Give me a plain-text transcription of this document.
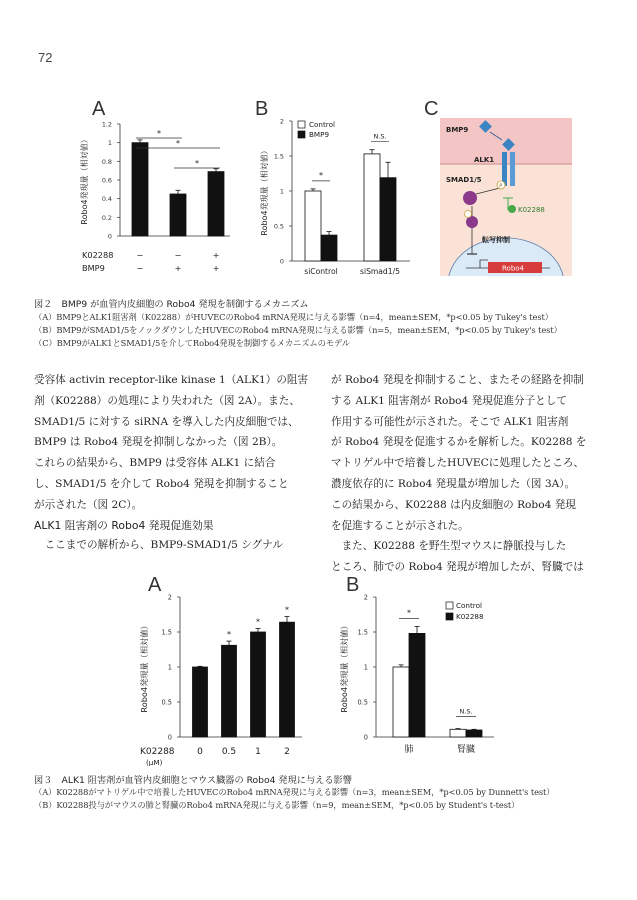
72
A	B	C
0
0.2
0.4
0.6
0.8
1
1.2
Robo4発現量（相対値）
*
*
*
K02288	−	−	+
BMP9	−	+	+
0
0.5
1
1.5
2
Robo4発現量（相対値）
siControl
*
siSmad1/5
N.S.
Control
BMP9	BMP9
ALK1
SMAD1/5
P
K02288
転写抑制
Robo4
図２　BMP9 が血管内皮細胞の Robo4 発現を制御するメカニズム
（A）BMP9とALK1阻害剤（K02288）がHUVECのRobo4 mRNA発現に与える影響（n=4，mean±SEM，*p<0.05 by Tukey's test）
（B）BMP9がSMAD1/5をノックダウンしたHUVECのRobo4 mRNA発現に与える影響（n=5，mean±SEM，*p<0.05 by Tukey's test）
（C）BMP9がALK1とSMAD1/5を介してRobo4発現を制御するメカニズムのモデル

受容体 activin receptor-like kinase 1（ALK1）の阻害

剤（K02288）の処理により失われた（図 2A）。また、

SMAD1/5 に対する siRNA を導入した内皮細胞では、

BMP9 は Robo4 発現を抑制しなかった（図 2B）。

これらの結果から、BMP9 は受容体 ALK1 に結合

し、SMAD1/5 を介して Robo4 発現を抑制すること

が示された（図 2C）。

ALK1 阻害剤の Robo4 発現促進効果

　ここまでの解析から、BMP9-SMAD1/5 シグナル

が Robo4 発現を抑制すること、またその経路を抑制

する ALK1 阻害剤が Robo4 発現促進分子として

作用する可能性が示された。そこで ALK1 阻害剤

が Robo4 発現を促進するかを解析した。K02288 を

マトリゲル中で培養したHUVECに処理したところ、

濃度依存的に Robo4 発現量が増加した（図 3A）。

この結果から、K02288 は内皮細胞の Robo4 発現

を促進することが示された。

　また、K02288 を野生型マウスに静脈投与した

ところ、肺での Robo4 発現が増加したが、腎臓では

A	B
0
0.5
1
1.5
2
Robo4発現量（相対値）
0
*
0.5
*
1
*
2
K02288
(μM)
0
0.5
1
1.5
2
Robo4発現量（相対値）
肺
*
腎臓
N.S.
Control
K02288
図３　ALK1 阻害剤が血管内皮細胞とマウス臓器の Robo4 発現に与える影響
（A）K02288がマトリゲル中で培養したHUVECのRobo4 mRNA発現に与える影響（n=3，mean±SEM，*p<0.05 by Dunnett's test）
（B）K02288投与がマウスの肺と腎臓のRobo4 mRNA発現に与える影響（n=9，mean±SEM，*p<0.05 by Student's t-test）
